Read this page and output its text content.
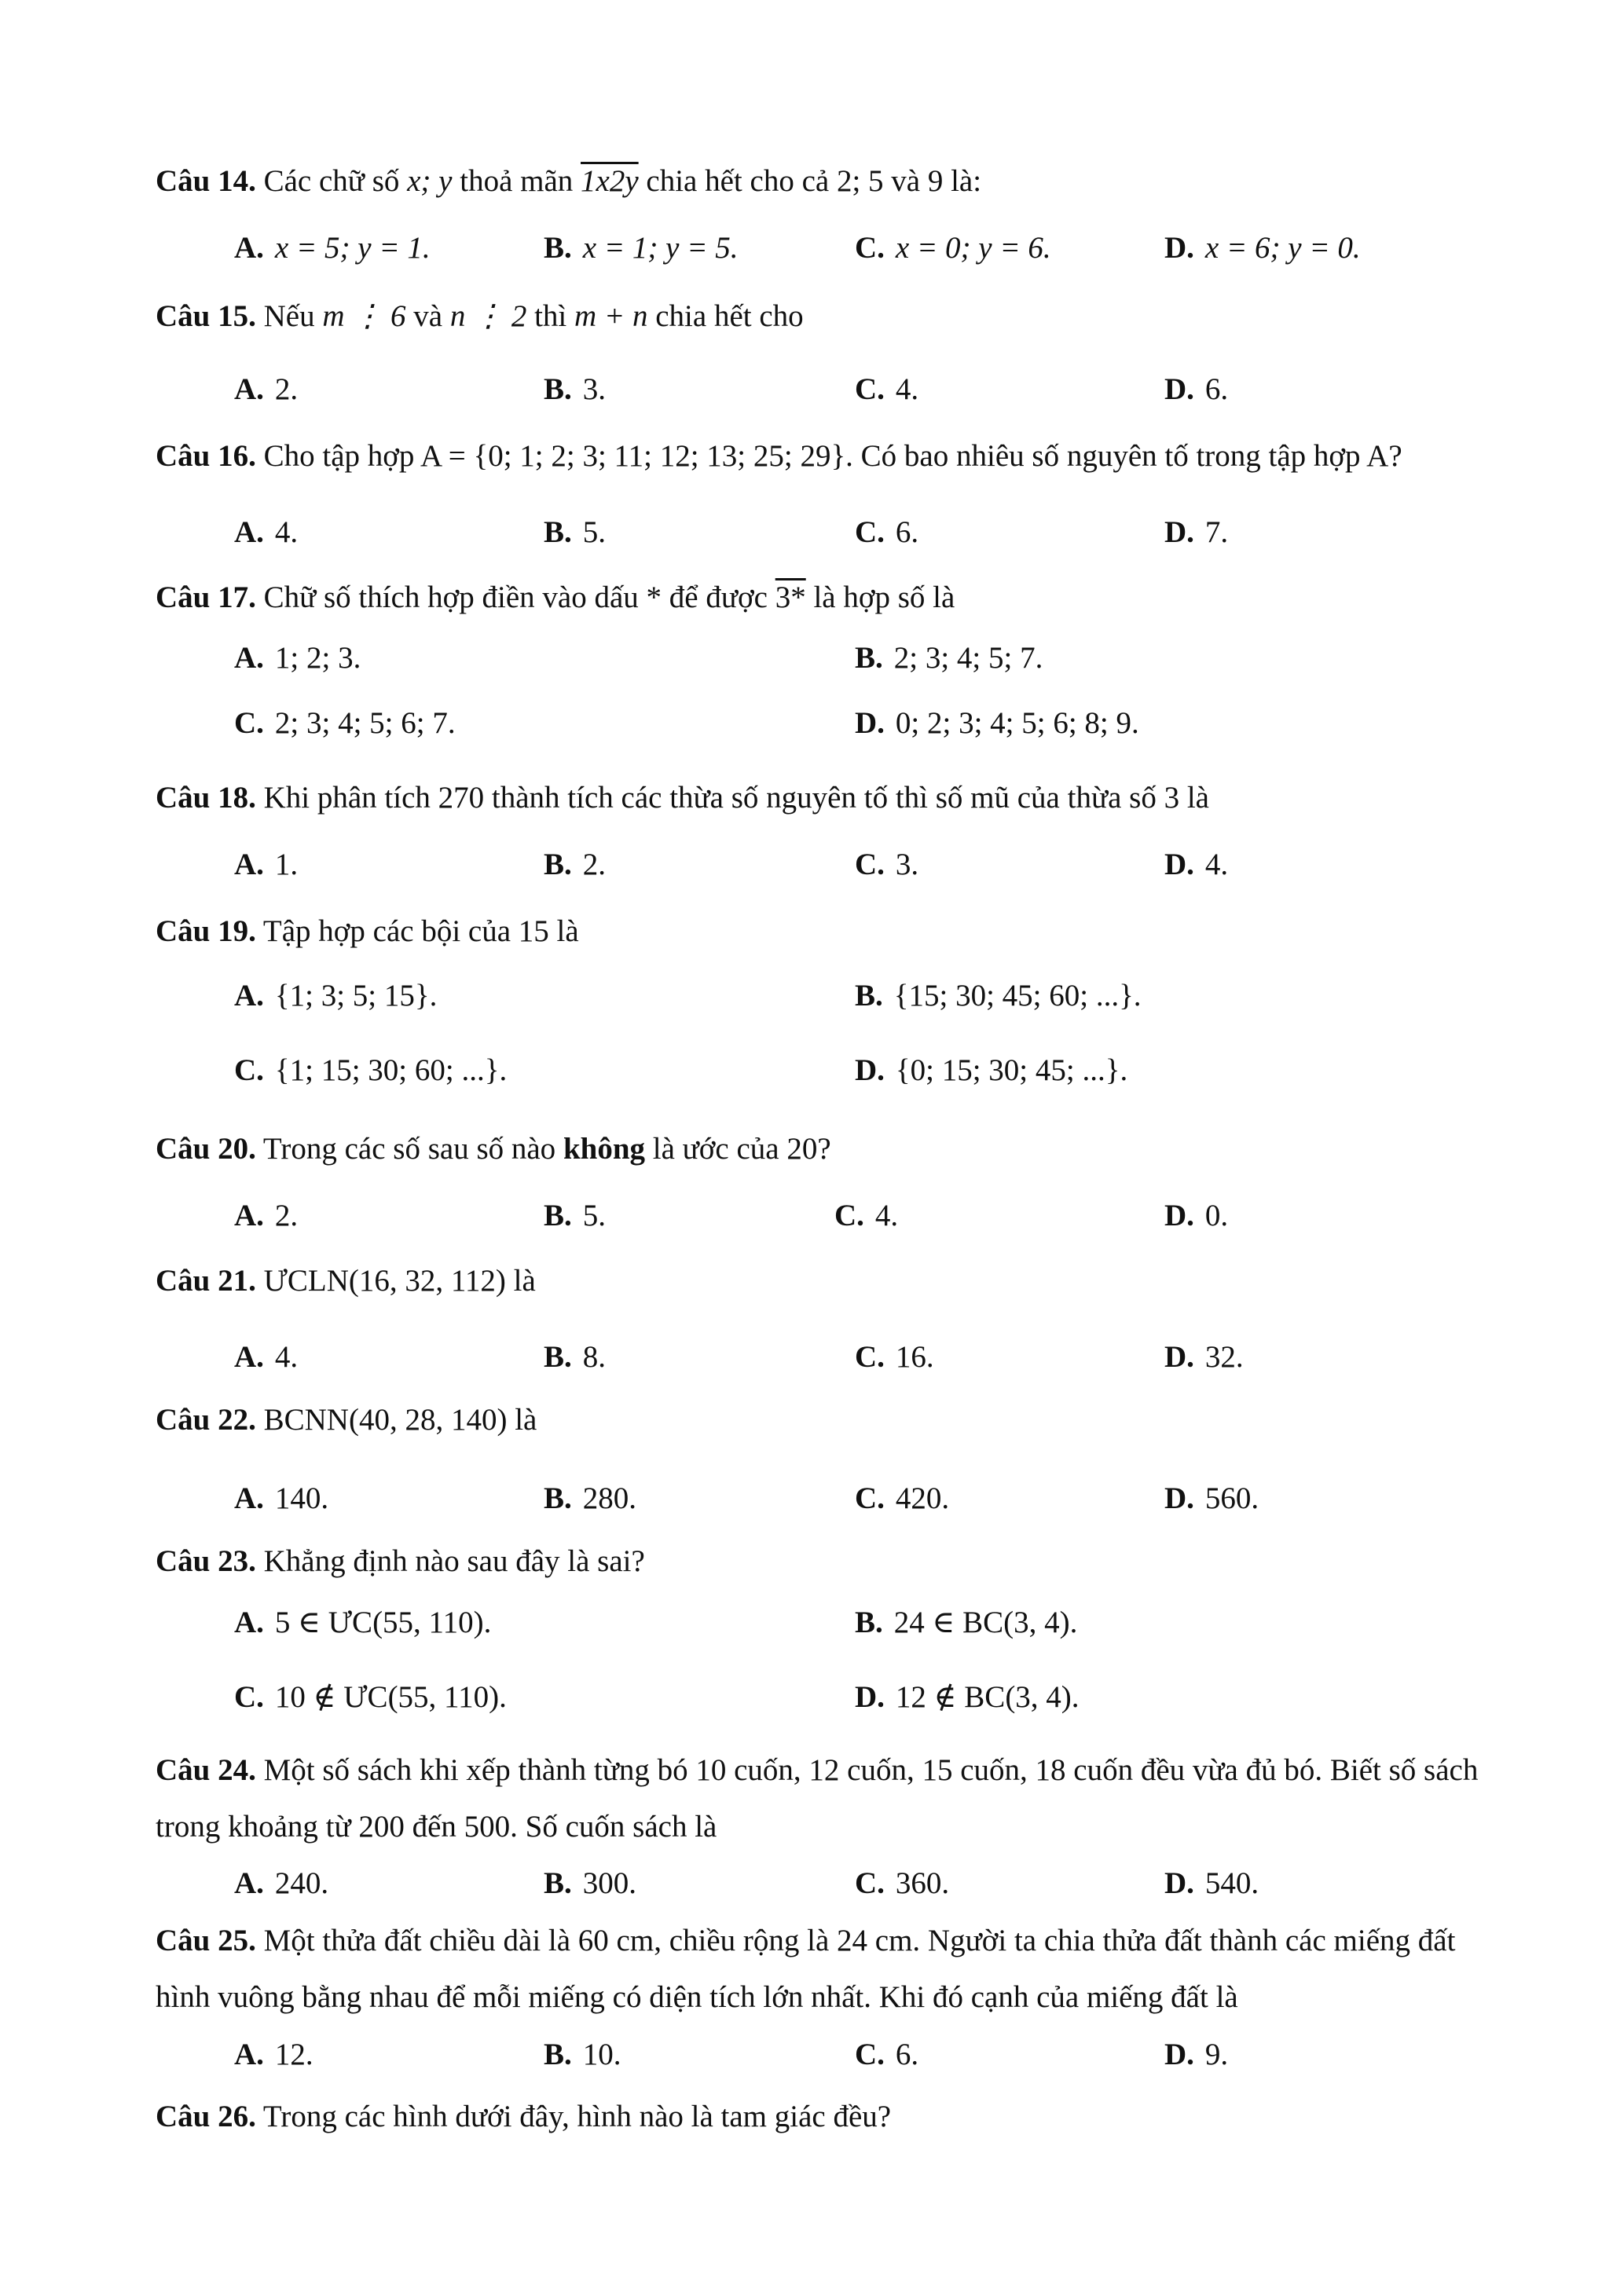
Câu 14. Các chữ số x; y thoả mãn 1x2y chia hết cho cả 2; 5 và 9 là:
A. x = 5; y = 1.	B. x = 1; y = 5.	C. x = 0; y = 6.	D. x = 6; y = 0.
Câu 15. Nếu m ⋮ 6 và n ⋮ 2 thì m + n chia hết cho
A. 2.	B. 3.	C. 4.	D. 6.
Câu 16. Cho tập hợp A = {0; 1; 2; 3; 11; 12; 13; 25; 29}. Có bao nhiêu số nguyên tố trong tập hợp A?
A. 4.	B. 5.	C. 6.	D. 7.
Câu 17. Chữ số thích hợp điền vào dấu * để được 3* là hợp số là
A. 1; 2; 3.	B. 2; 3; 4; 5; 7.
C. 2; 3; 4; 5; 6; 7.	D. 0; 2; 3; 4; 5; 6; 8; 9.
Câu 18. Khi phân tích 270 thành tích các thừa số nguyên tố thì số mũ của thừa số 3 là
A. 1.	B. 2.	C. 3.	D. 4.
Câu 19. Tập hợp các bội của 15 là
A. {1; 3; 5; 15}.	B. {15; 30; 45; 60; ...}.
C. {1; 15; 30; 60; ...}.	D. {0; 15; 30; 45; ...}.
Câu 20. Trong các số sau số nào không là ước của 20?
A. 2.	B. 5.	C. 4.	D. 0.
Câu 21. ƯCLN(16, 32, 112) là
A. 4.	B. 8.	C. 16.	D. 32.
Câu 22. BCNN(40, 28, 140) là
A. 140.	B. 280.	C. 420.	D. 560.
Câu 23. Khẳng định nào sau đây là sai?
A. 5 ∈ ƯC(55, 110).	B. 24 ∈ BC(3, 4).
C. 10 ∉ ƯC(55, 110).	D. 12 ∉ BC(3, 4).
Câu 24. Một số sách khi xếp thành từng bó 10 cuốn, 12 cuốn, 15 cuốn, 18 cuốn đều vừa đủ bó. Biết số sách trong khoảng từ 200 đến 500. Số cuốn sách là
A. 240.	B. 300.	C. 360.	D. 540.
Câu 25. Một thửa đất chiều dài là 60 cm, chiều rộng là 24 cm. Người ta chia thửa đất thành các miếng đất hình vuông bằng nhau để mỗi miếng có diện tích lớn nhất. Khi đó cạnh của miếng đất là
A. 12.	B. 10.	C. 6.	D. 9.
Câu 26. Trong các hình dưới đây, hình nào là tam giác đều?
